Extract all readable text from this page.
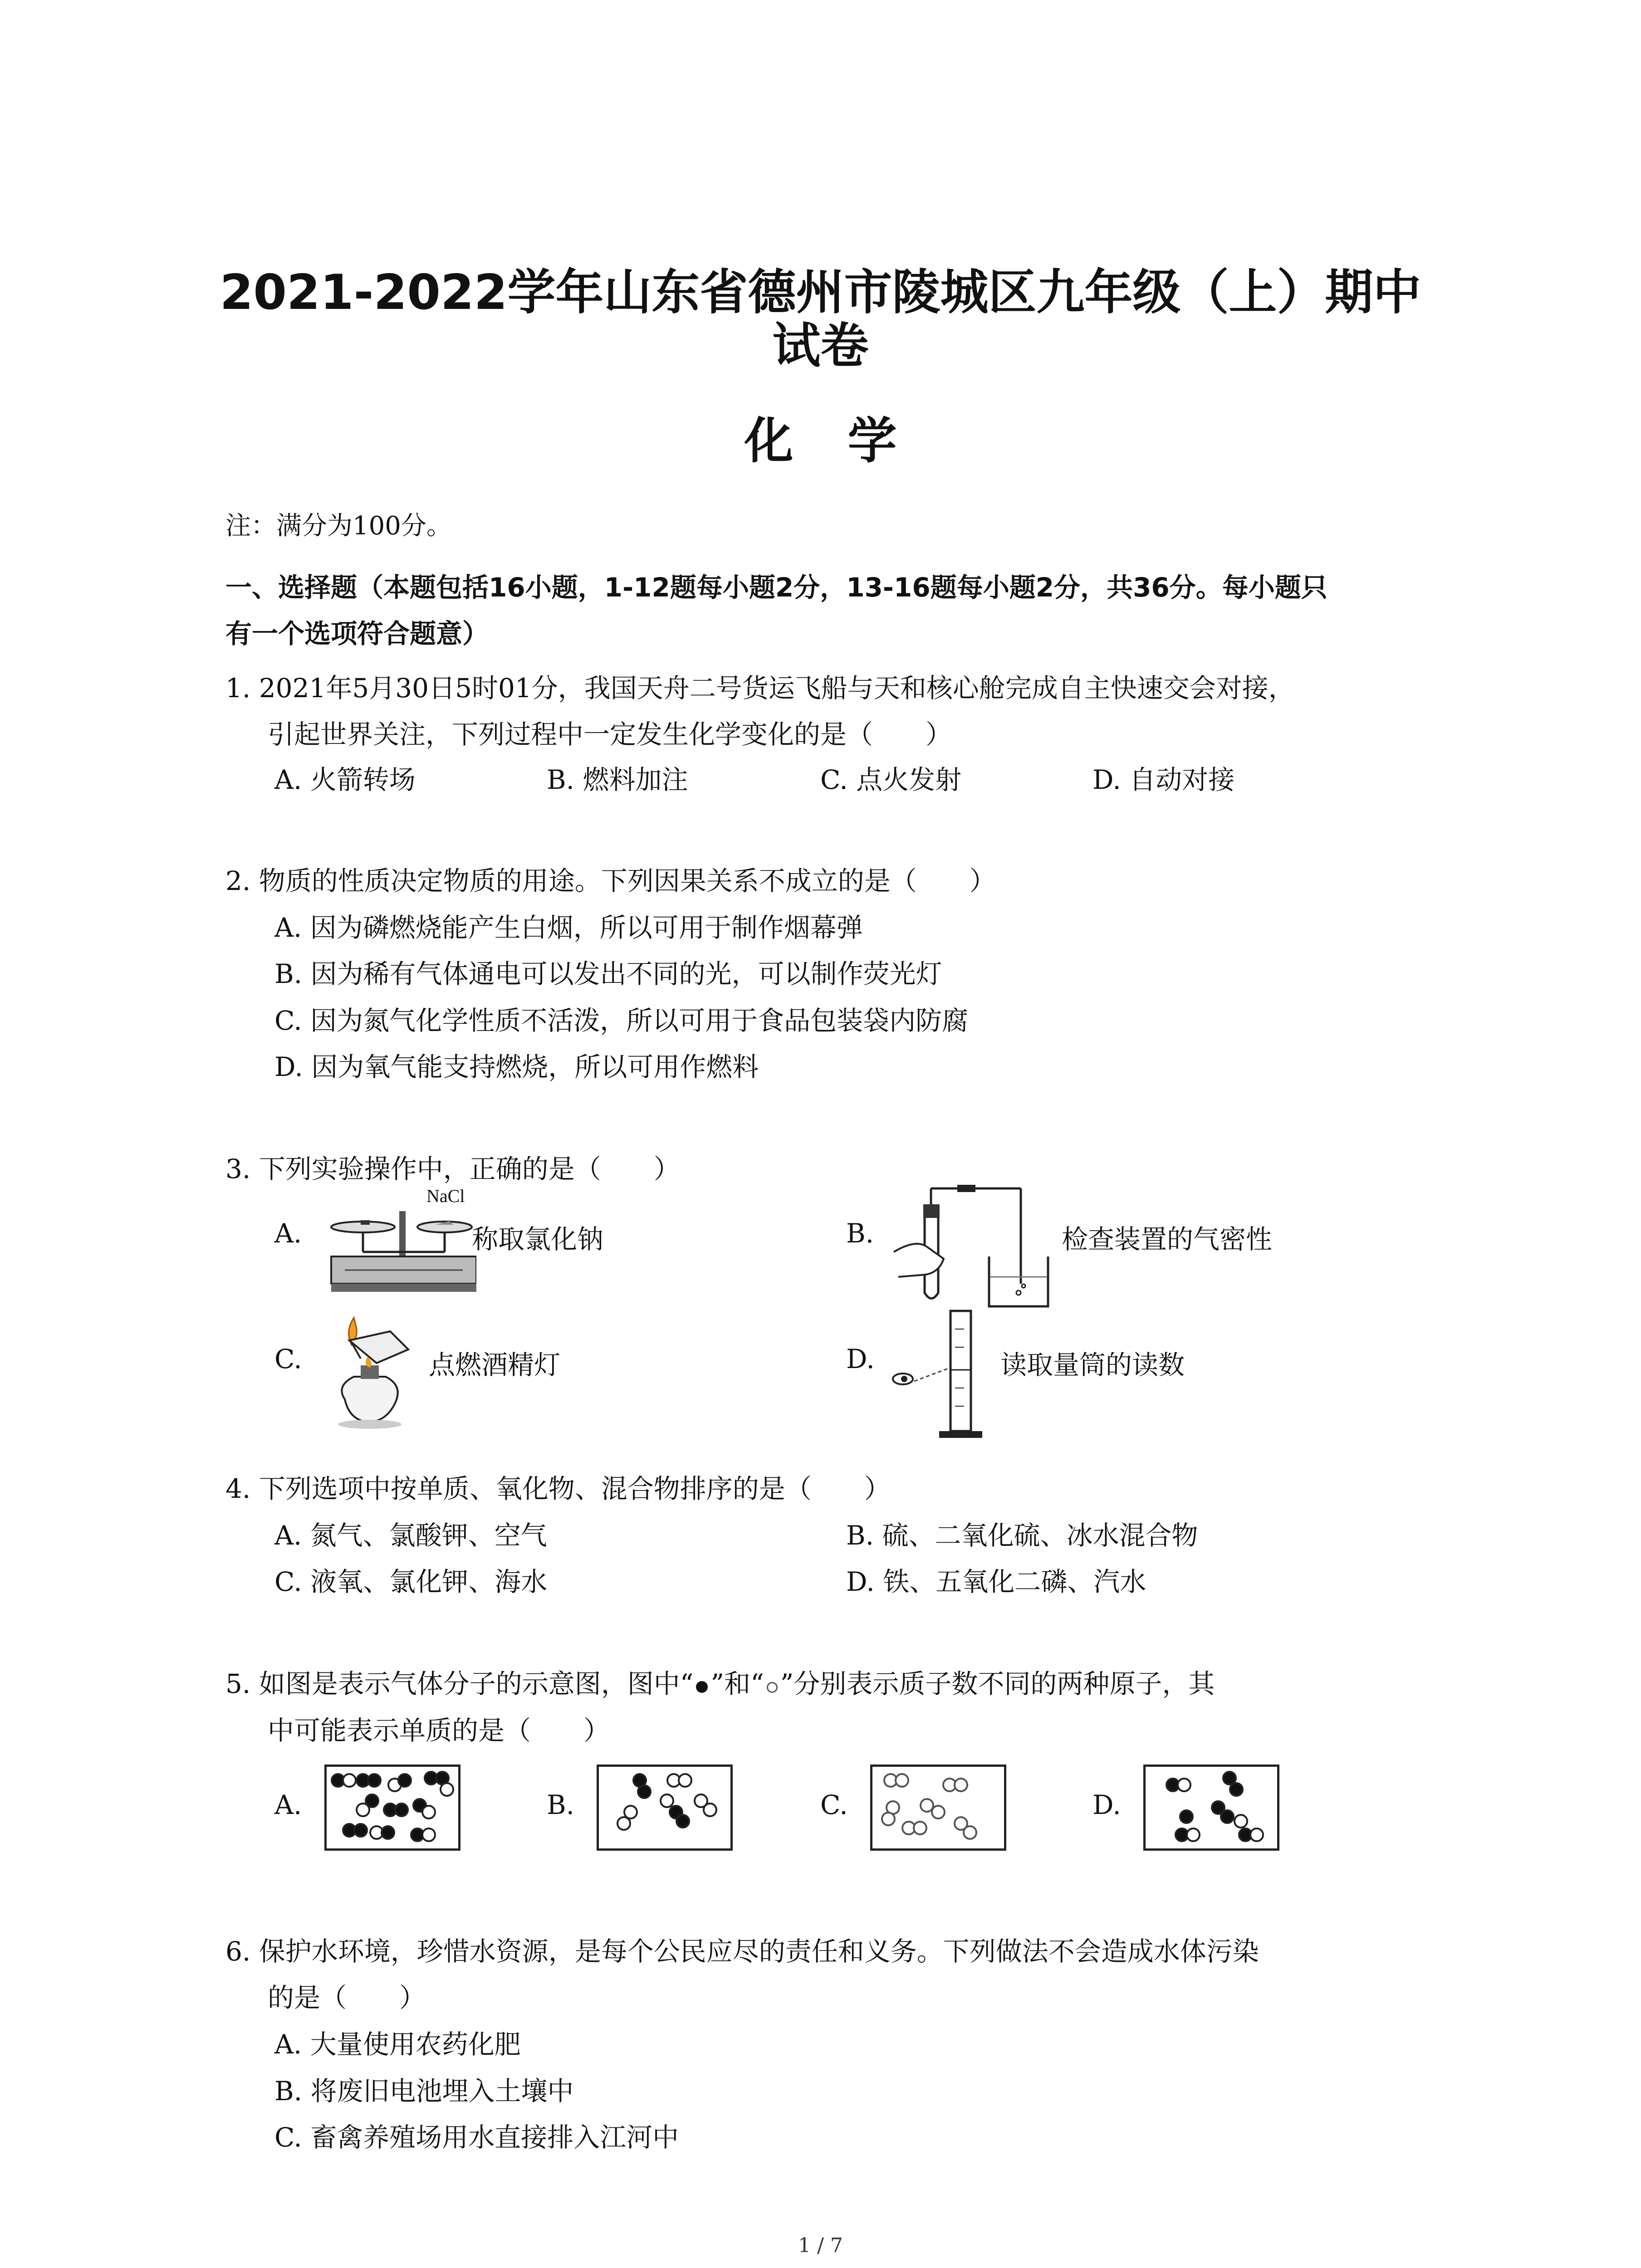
2021-2022学年山东省德州市陵城区九年级（上）期中
试卷
化学
注：满分为100分。
一、选择题（本题包括16小题，1-12题每小题2分，13-16题每小题2分，共36分。每小题只
有一个选项符合题意）
1. 2021年5月30日5时01分，我国天舟二号货运飞船与天和核心舱完成自主快速交会对接，
引起世界关注，下列过程中一定发生化学变化的是（　　）
A. 火箭转场	B. 燃料加注	C. 点火发射	D. 自动对接
2. 物质的性质决定物质的用途。下列因果关系不成立的是（　　）
A. 因为磷燃烧能产生白烟，所以可用于制作烟幕弹
B. 因为稀有气体通电可以发出不同的光，可以制作荧光灯
C. 因为氮气化学性质不活泼，所以可用于食品包装袋内防腐
D. 因为氧气能支持燃烧，所以可用作燃料
3. 下列实验操作中，正确的是（　　）
A.
NaCl
称取氯化钠	B.	检查装置的气密性
C.	点燃酒精灯	D.	读取量筒的读数
4. 下列选项中按单质、氧化物、混合物排序的是（　　）
A. 氮气、氯酸钾、空气	B. 硫、二氧化硫、冰水混合物
C. 液氧、氯化钾、海水	D. 铁、五氧化二磷、汽水
5. 如图是表示气体分子的示意图，图中“ ”和“ ”分别表示质子数不同的两种原子，其
中可能表示单质的是（　　）
A.	B.	C.	D.
6. 保护水环境，珍惜水资源，是每个公民应尽的责任和义务。下列做法不会造成水体污染
的是（　　）
A. 大量使用农药化肥
B. 将废旧电池埋入土壤中
C. 畜禽养殖场用水直接排入江河中
1 / 7
